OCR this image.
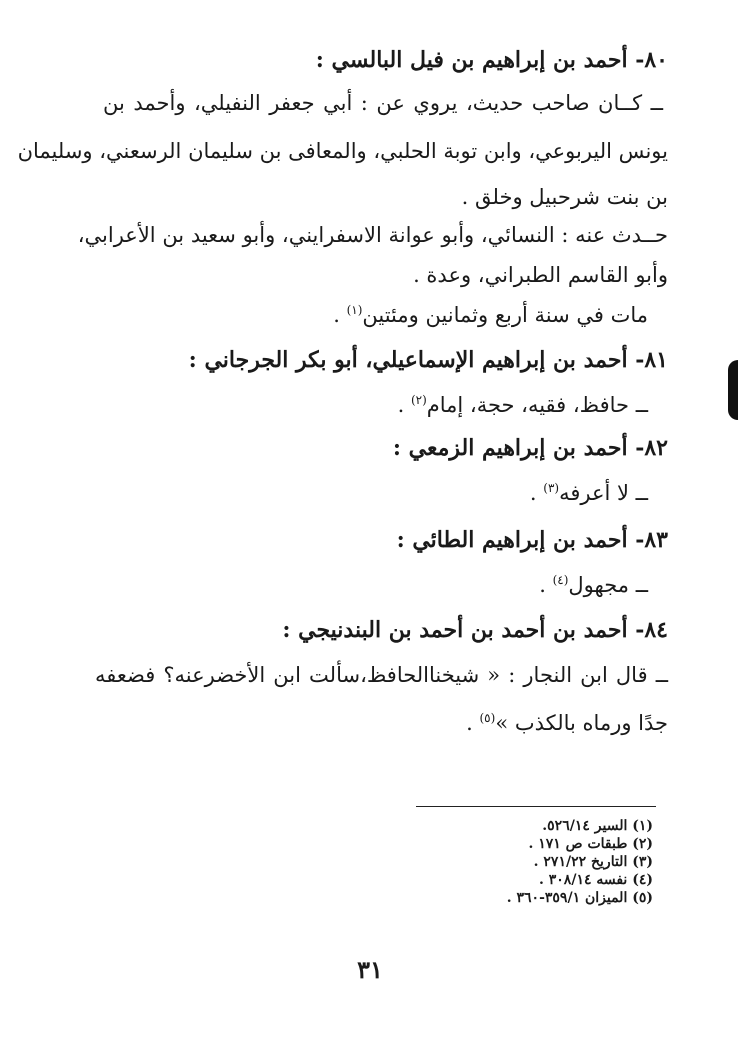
٨٠- أحمد بن إبراهيم بن فيل البالسي :
ــ كــان صاحب حديث، يروي عن : أبي جعفر النفيلي، وأحمد بن
يونس اليربوعي، وابن توبة الحلبي، والمعافى بن سليمان الرسعني، وسليمان
بن بنت شرحبيل وخلق .
حــدث عنه : النسائي، وأبو عوانة الاسفرايني، وأبو سعيد بن الأعرابي،
وأبو القاسم الطبراني، وعدة .
مات في سنة أربع وثمانين ومئتين$^{(١)}$ .
٨١- أحمد بن إبراهيم الإسماعيلي، أبو بكر الجرجاني :
ــ حافظ، فقيه، حجة، إمام$^{(٢)}$ .
٨٢- أحمد بن إبراهيم الزمعي :
ــ لا أعرفه$^{(٣)}$ .
٨٣- أحمد بن إبراهيم الطائي :
ــ مجهول$^{(٤)}$ .
٨٤- أحمد بن أحمد بن أحمد بن البندنيجي :
ــ قال ابن النجار : « شيخناالحافظ،سألت ابن الأخضرعنه؟ فضعفه
جدًا ورماه بالكذب »$^{(٥)}$ .
(١) السير ٥٢٦/١٤.
(٢) طبقات ص ١٧١ .
(٣) التاريخ ٢٧١/٢٢ .
(٤) نفسه ٣٠٨/١٤ .
(٥) الميزان ٣٥٩/١-٣٦٠ .
٣١
